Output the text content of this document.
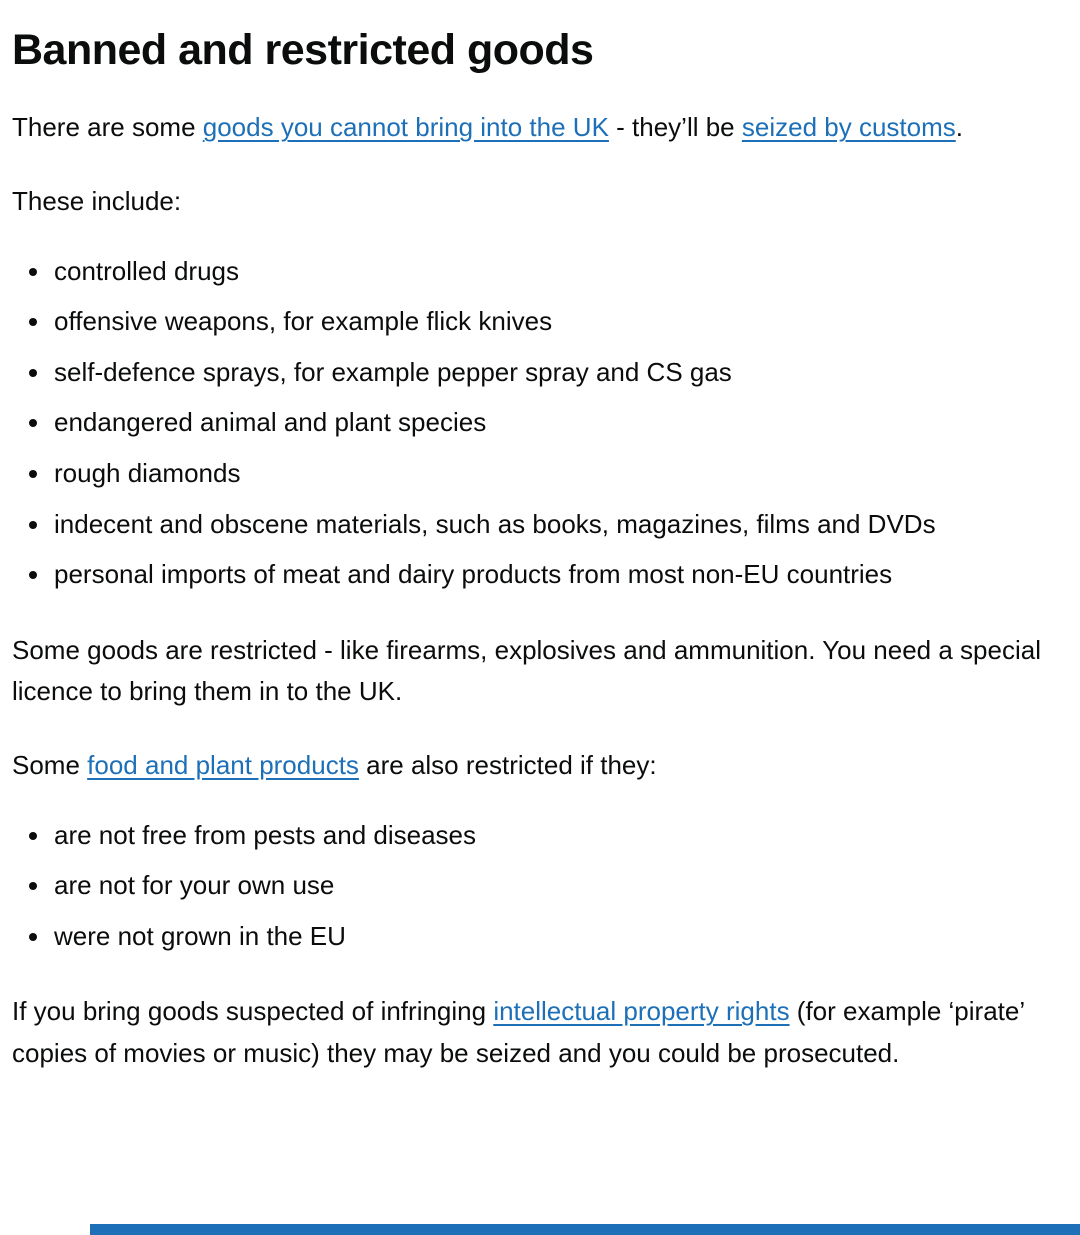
Banned and restricted goods

There are some goods you cannot bring into the UK - they’ll be seized by customs.

These include:

• controlled drugs
• offensive weapons, for example flick knives
• self-defence sprays, for example pepper spray and CS gas
• endangered animal and plant species
• rough diamonds
• indecent and obscene materials, such as books, magazines, films and DVDs
• personal imports of meat and dairy products from most non-EU countries

Some goods are restricted - like firearms, explosives and ammunition. You need a special licence to bring them in to the UK.

Some food and plant products are also restricted if they:

• are not free from pests and diseases
• are not for your own use
• were not grown in the EU

If you bring goods suspected of infringing intellectual property rights (for example ‘pirate’ copies of movies or music) they may be seized and you could be prosecuted.
